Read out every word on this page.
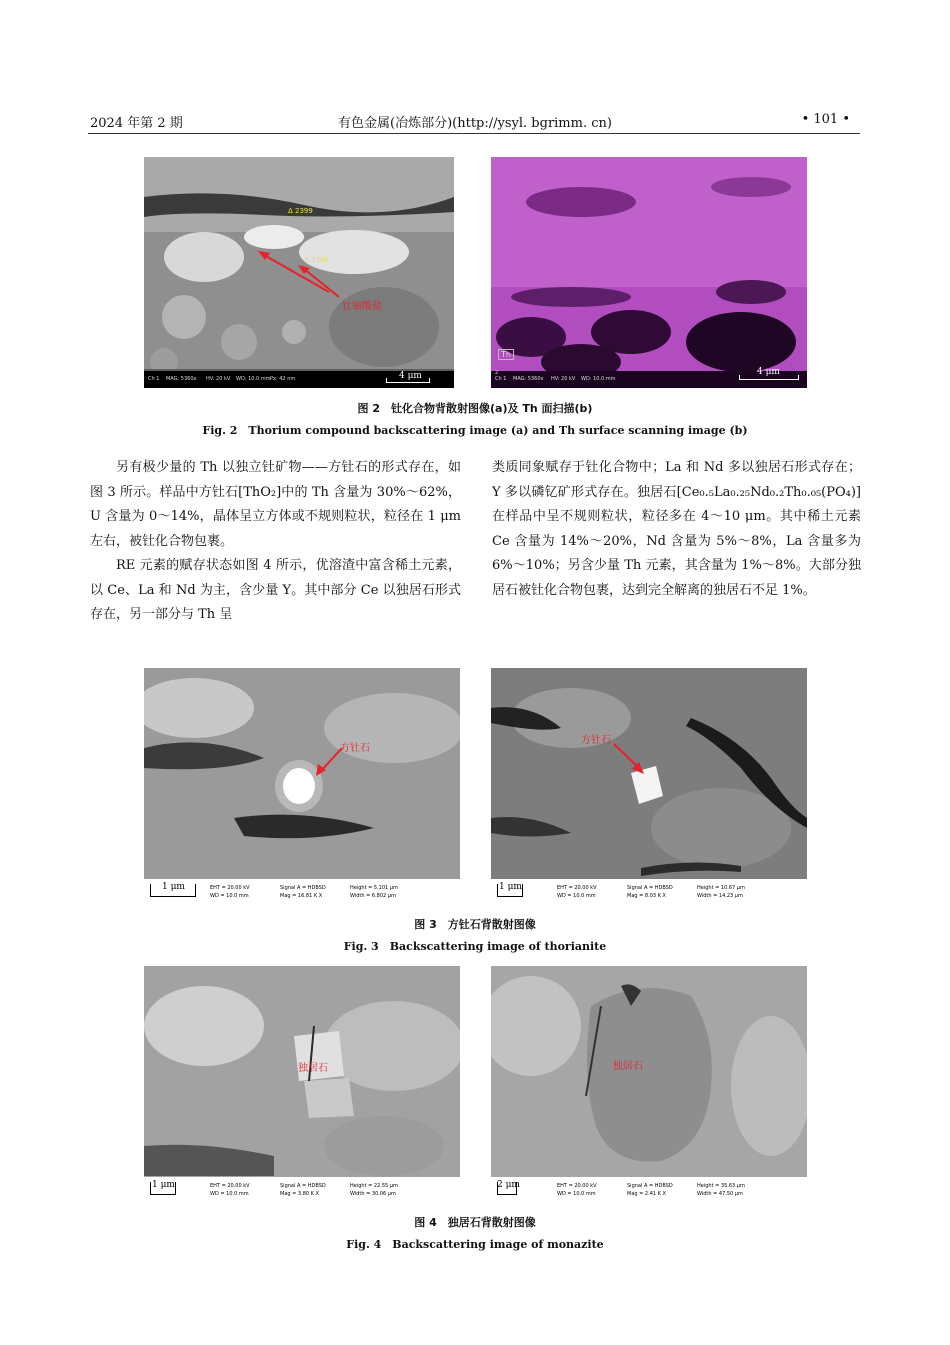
2024 年第 2 期	有色金属(冶炼部分)(http://ysyl. bgrimm. cn)	• 101 •
Δ 2399
Δ 2398
钍铀酸盐
Ch 1 MAG: 5360x HV: 20 kV WD: 10.0 mm Px: 42 nm	4 μm
Th
2
Ch 1 MAG: 5360x HV: 20 kV WD: 10.0 mm
4 μm
图 2　钍化合物背散射图像(a)及 Th 面扫描(b)
Fig. 2　Thorium compound backscattering image (a) and Th surface scanning image (b)

另有极少量的 Th 以独立钍矿物——方钍石的形式存在，如图 3 所示。样品中方钍石[ThO₂]中的 Th 含量为 30%～62%，U 含量为 0～14%，晶体呈立方体或不规则粒状，粒径在 1 μm 左右，被钍化合物包裹。

RE 元素的赋存状态如图 4 所示，优溶渣中富含稀土元素，以 Ce、La 和 Nd 为主，含少量 Y。其中部分 Ce 以独居石形式存在，另一部分与 Th 呈

类质同象赋存于钍化合物中；La 和 Nd 多以独居石形式存在；Y 多以磷钇矿形式存在。独居石[Ce₀.₅La₀.₂₅Nd₀.₂Th₀.₀₅(PO₄)]在样品中呈不规则粒状，粒径多在 4～10 μm。其中稀土元素 Ce 含量为 14%～20%，Nd 含量为 5%～8%，La 含量多为 6%～10%；另含少量 Th 元素，其含量为 1%～8%。大部分独居石被钍化合物包裹，达到完全解离的独居石不足 1%。

方钍石
1 μm	EHT = 20.00 kV
WD = 10.0 mm
Signal A = HDBSD
Mag = 16.81 K X
Height = 5.101 μm
Width = 6.802 μm
方钍石
1 μm	EHT = 20.00 kV
WD = 10.0 mm
Signal A = HDBSD
Mag = 8.03 K X
Height = 10.67 μm
Width = 14.23 μm
图 3　方钍石背散射图像
Fig. 3　Backscattering image of thorianite
独居石
1 μm	EHT = 20.00 kV
WD = 10.0 mm
Signal A = HDBSD
Mag = 3.80 K X
Height = 22.55 μm
Width = 30.06 μm
独居石
2 μm	EHT = 20.00 kV
WD = 10.0 mm
Signal A = HDBSD
Mag = 2.41 K X
Height = 35.63 μm
Width = 47.50 μm
图 4　独居石背散射图像
Fig. 4　Backscattering image of monazite
